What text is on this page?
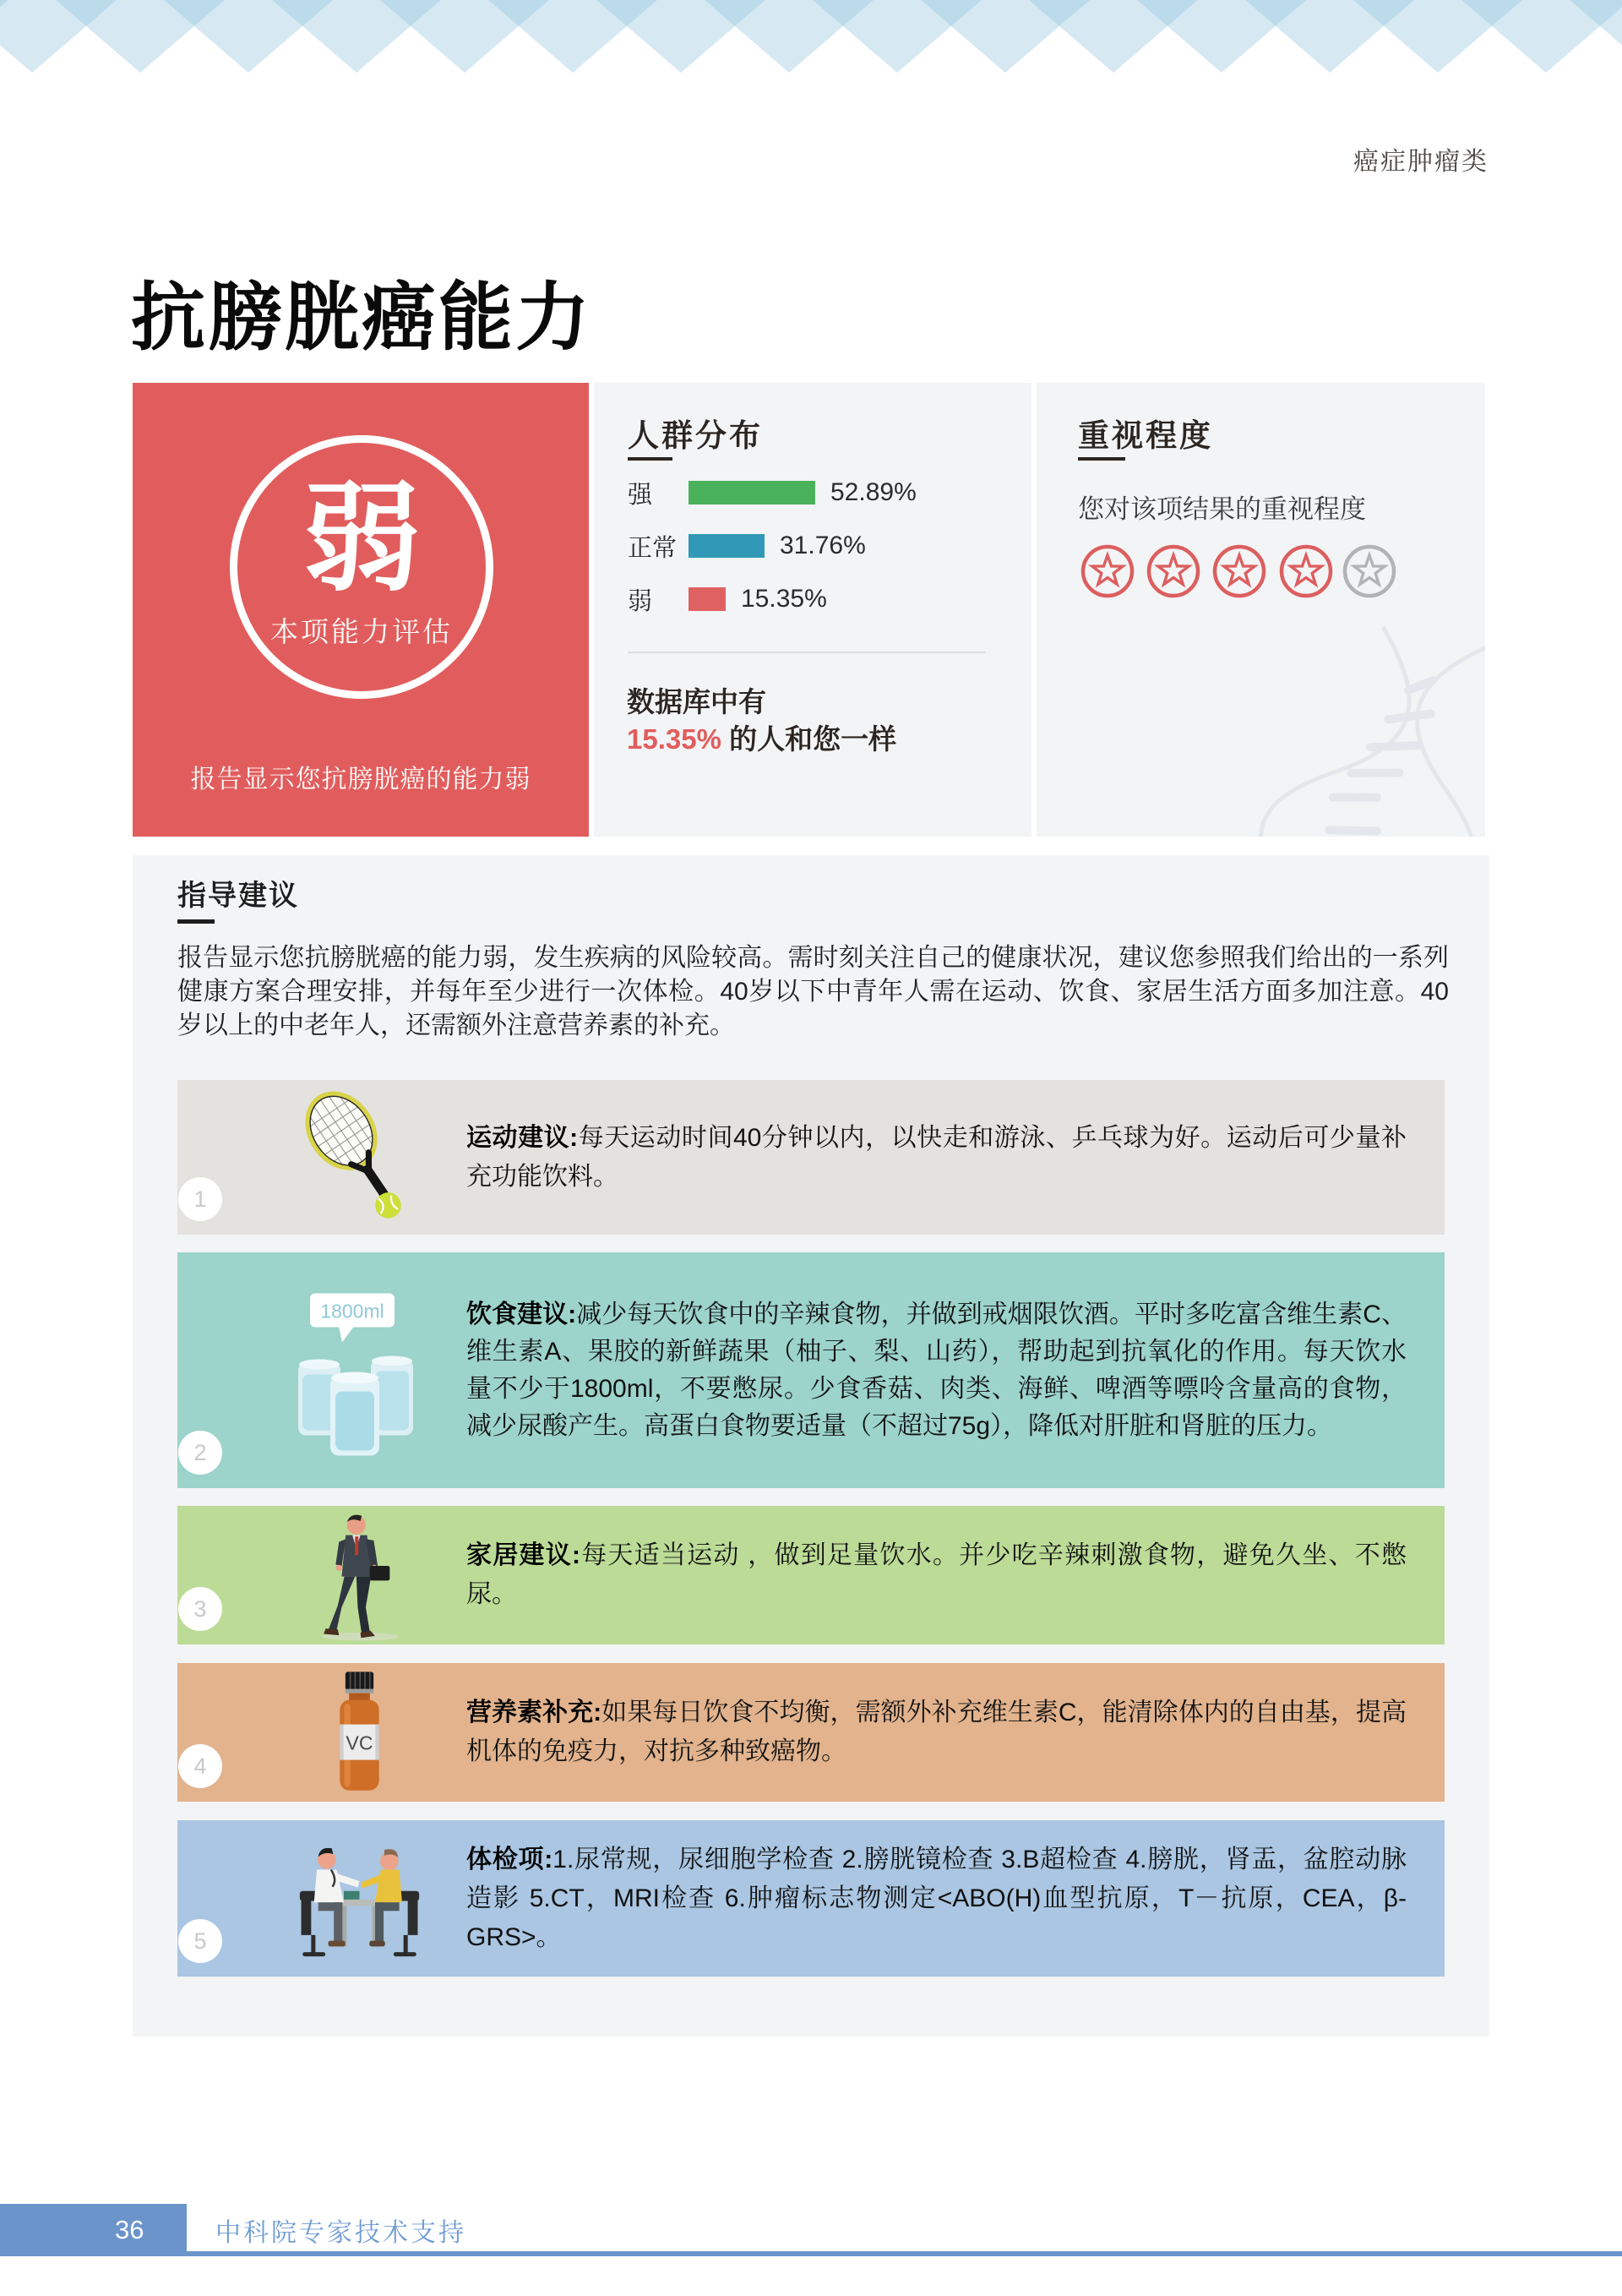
癌症肿瘤类
抗膀胱癌能力
弱
本项能力评估
报告显示您抗膀胱癌的能力弱
人群分布
强	52.89%
正常	31.76%
弱	15.35%
数据库中有
15.35% 的人和您一样
重视程度
您对该项结果的重视程度
指导建议

报告显示您抗膀胱癌的能力弱，发生疾病的风险较高。需时刻关注自己的健康状况，建议您参照我们给出的一系列健康方案合理安排，并每年至少进行一次体检。40岁以下中青年人需在运动、饮食、家居生活方面多加注意。40岁以上的中老年人，还需额外注意营养素的补充。

运动建议:每天运动时间40分钟以内，以快走和游泳、乒乓球为好。运动后可少量补充功能饮料。

1
1800ml	饮食建议:减少每天饮食中的辛辣食物，并做到戒烟限饮酒。平时多吃富含维生素C、维生素A、果胶的新鲜蔬果（柚子、梨、山药），帮助起到抗氧化的作用。每天饮水量不少于1800ml，不要憋尿。少食香菇、肉类、海鲜、啤酒等嘌呤含量高的食物，减少尿酸产生。高蛋白食物要适量（不超过75g），降低对肝脏和肾脏的压力。

2

家居建议:每天适当运动 ，做到足量饮水。并少吃辛辣刺激食物，避免久坐、不憋尿。

3
VC

营养素补充:如果每日饮食不均衡，需额外补充维生素C，能清除体内的自由基，提高机体的免疫力，对抗多种致癌物。

4

体检项:1.尿常规，尿细胞学检查 2.膀胱镜检查 3.B超检查 4.膀胱，肾盂，盆腔动脉造影 5.CT，MRI检查 6.肿瘤标志物测定<ABO(H)血型抗原，T－抗原，CEA，β-GRS>。

5
36	中科院专家技术支持
